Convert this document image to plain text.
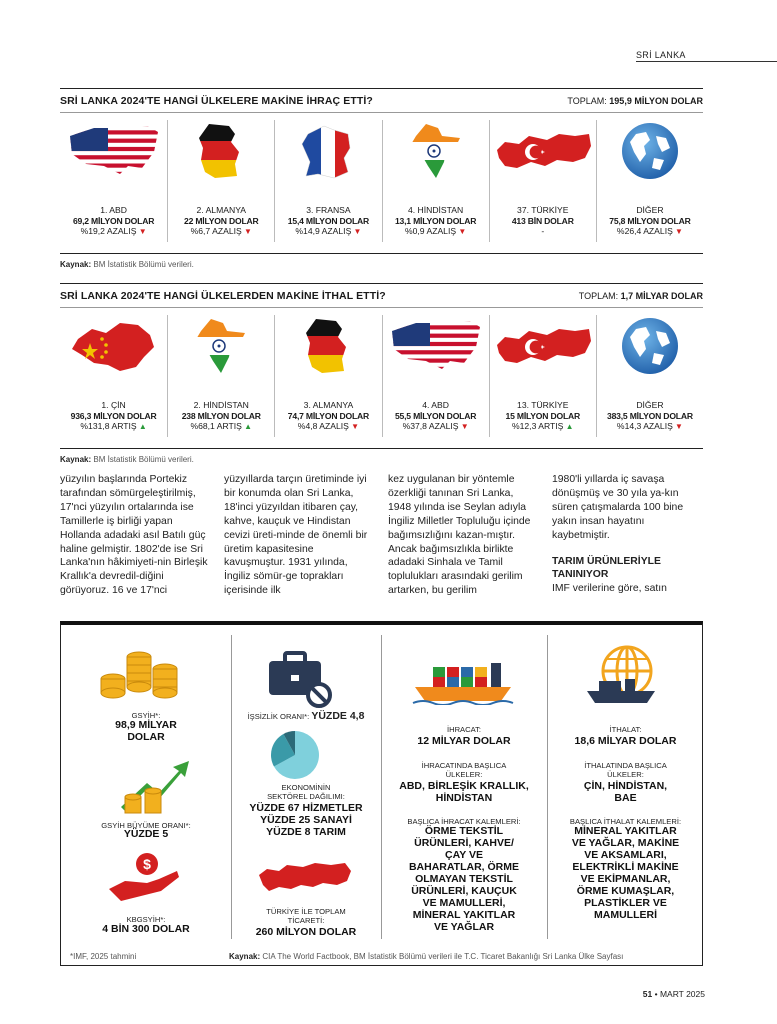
SRİ LANKA
SRİ LANKA 2024'TE HANGİ ÜLKELERE MAKİNE İHRAÇ ETTİ?	TOPLAM: 195,9 MİLYON DOLAR
1. ABD
69,2 MİLYON DOLAR
%19,2 AZALIŞ ▼
2. ALMANYA
22 MİLYON DOLAR
%6,7 AZALIŞ ▼
3. FRANSA
15,4 MİLYON DOLAR
%14,9 AZALIŞ ▼
4. HİNDİSTAN
13,1 MİLYON DOLAR
%0,9 AZALIŞ ▼
37. TÜRKİYE
413 BİN DOLAR
-
DİĞER
75,8 MİLYON DOLAR
%26,4 AZALIŞ ▼
Kaynak: BM İstatistik Bölümü verileri.
SRİ LANKA 2024'TE HANGİ ÜLKELERDEN MAKİNE İTHAL ETTİ?	TOPLAM: 1,7 MİLYAR DOLAR
1. ÇİN
936,3 MİLYON DOLAR
%131,8 ARTIŞ ▲
2. HİNDİSTAN
238 MİLYON DOLAR
%68,1 ARTIŞ ▲
3. ALMANYA
74,7 MİLYON DOLAR
%4,8 AZALIŞ ▼
4. ABD
55,5 MİLYON DOLAR
%37,8 AZALIŞ ▼
13. TÜRKİYE
15 MİLYON DOLAR
%12,3 ARTIŞ ▲
DİĞER
383,5 MİLYON DOLAR
%14,3 AZALIŞ ▼
Kaynak: BM İstatistik Bölümü verileri.
yüzyılın başlarında Portekiz tarafından sömürgeleştirilmiş, 17'nci yüzyılın ortalarında ise Tamillerle iş birliği yapan Hollanda adadaki asıl Batılı güç haline gelmiştir. 1802'de ise Sri Lanka'nın hâkimiyeti-nin Birleşik Krallık'a devredil-diğini görüyoruz. 16 ve 17'nci
yüzyıllarda tarçın üretiminde iyi bir konumda olan Sri Lanka, 18'inci yüzyıldan itibaren çay, kahve, kauçuk ve Hindistan cevizi üreti-minde de önemli bir üretim kapasitesine kavuşmuştur. 1931 yılında, İngiliz sömür-ge toprakları içerisinde ilk
kez uygulanan bir yöntemle özerkliği tanınan Sri Lanka, 1948 yılında ise Seylan adıyla İngiliz Milletler Topluluğu içinde bağımsızlığını kazan-mıştır. Ancak bağımsızlıkla birlikte adadaki Sinhala ve Tamil toplulukları arasındaki gerilim artarken, bu gerilim
1980'li yıllarda iç savaşa dönüşmüş ve 30 yıla ya-kın süren çatışmalarda 100 bine yakın insan hayatını kaybetmiştir.
TARIM ÜRÜNLERİYLE TANINIYOR
IMF verilerine göre, satın
GSYİH*:
98,9 MİLYAR DOLAR
GSYİH BÜYÜME ORANI*:
YÜZDE 5
$
KBGSYİH*:
4 BİN 300 DOLAR
İŞSİZLİK ORANI*: YÜZDE 4,8
EKONOMİNİN SEKTÖREL DAĞILIMI:
YÜZDE 67 HİZMETLER
YÜZDE 25 SANAYİ
YÜZDE 8 TARIM
TÜRKİYE İLE TOPLAM TİCARETİ:
260 MİLYON DOLAR
İHRACAT:
12 MİLYAR DOLAR
İHRACATINDA BAŞLICA ÜLKELER:
ABD, BİRLEŞİK KRALLIK, HİNDİSTAN
BAŞLICA İHRACAT KALEMLERİ:
ÖRME TEKSTİL ÜRÜNLERİ, KAHVE/ÇAY VE BAHARATLAR, ÖRME OLMAYAN TEKSTİL ÜRÜNLERİ, KAUÇUK VE MAMULLERİ, MİNERAL YAKITLAR VE YAĞLAR
İTHALAT:
18,6 MİLYAR DOLAR
İTHALATINDA BAŞLICA ÜLKELER:
ÇİN, HİNDİSTAN, BAE
BAŞLICA İTHALAT KALEMLERİ:
MİNERAL YAKITLAR VE YAĞLAR, MAKİNE VE AKSAMLARI, ELEKTRİKLİ MAKİNE VE EKİPMANLAR, ÖRME KUMAŞLAR, PLASTİKLER VE MAMULLERİ
*IMF, 2025 tahmini	Kaynak: CIA The World Factbook, BM İstatistik Bölümü verileri ile T.C. Ticaret Bakanlığı Sri Lanka Ülke Sayfası
51 • MART 2025
